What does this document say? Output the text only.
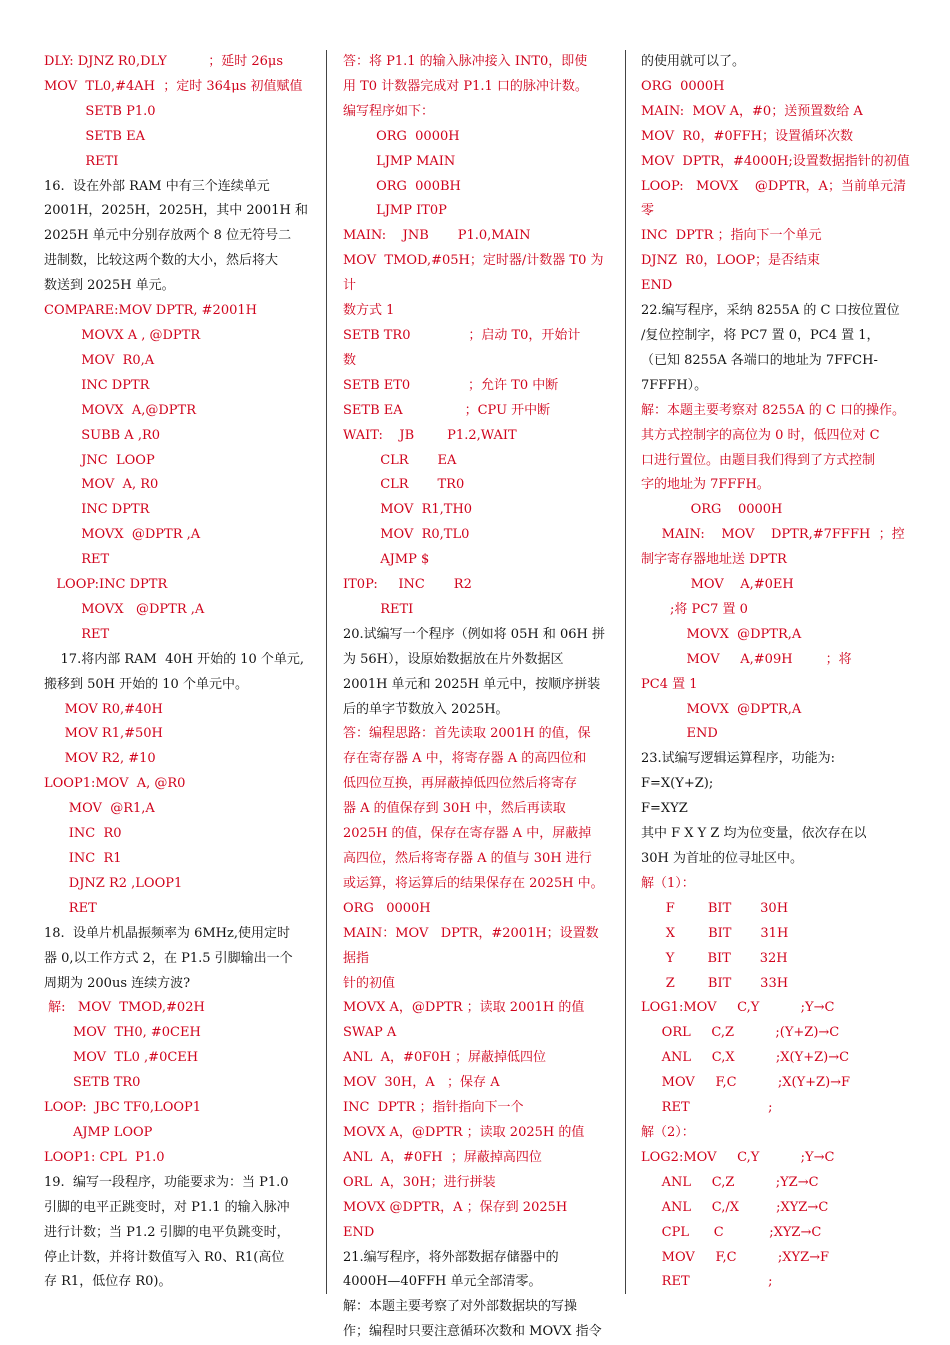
DLY: DJNZ R0,DLY          ；延时 26μs
MOV  TL0,#4AH  ；定时 364μs 初值赋值
SETB P1.0
SETB EA
RETI
16.  设在外部 RAM 中有三个连续单元
2001H，2025H，2025H，其中 2001H 和
2025H 单元中分别存放两个 8 位无符号二
进制数，比较这两个数的大小，然后将大
数送到 2025H 单元。
COMPARE:MOV DPTR, #2001H
MOVX A , @DPTR
MOV  R0,A
INC DPTR
MOVX  A,@DPTR
SUBB A ,R0
JNC  LOOP
MOV  A, R0
INC DPTR
MOVX  @DPTR ,A
RET
LOOP:INC DPTR
MOVX   @DPTR ,A
RET
17.将内部 RAM  40H 开始的 10 个单元,
搬移到 50H 开始的 10 个单元中。
MOV R0,#40H
MOV R1,#50H
MOV R2, #10
LOOP1:MOV  A, @R0
MOV  @R1,A
INC  R0
INC  R1
DJNZ R2 ,LOOP1
RET
18.  设单片机晶振频率为 6MHz,使用定时
器 0,以工作方式 2，在 P1.5 引脚输出一个
周期为 200us 连续方波?
解:   MOV  TMOD,#02H
MOV  TH0, #0CEH
MOV  TL0 ,#0CEH
SETB TR0
LOOP:  JBC TF0,LOOP1
AJMP LOOP
LOOP1: CPL  P1.0
19.  编写一段程序，功能要求为：当 P1.0
引脚的电平正跳变时，对 P1.1 的输入脉冲
进行计数；当 P1.2 引脚的电平负跳变时，
停止计数，并将计数值写入 R0、R1(高位
存 R1，低位存 R0)。
答：将 P1.1 的输入脉冲接入 INT0，即使
用 T0 计数器完成对 P1.1 口的脉冲计数。
编写程序如下：
ORG  0000H
LJMP MAIN
ORG  000BH
LJMP IT0P
MAIN:    JNB       P1.0,MAIN
MOV  TMOD,#05H；定时器/计数器 T0 为计
数方式 1
SETB TR0              ；启动 T0，开始计
数
SETB ET0              ；允许 T0 中断
SETB EA               ；CPU 开中断
WAIT:    JB        P1.2,WAIT
CLR       EA
CLR       TR0
MOV  R1,TH0
MOV  R0,TL0
AJMP $
IT0P:     INC       R2
RETI
20.试编写一个程序（例如将 05H 和 06H 拼
为 56H），设原始数据放在片外数据区
2001H 单元和 2025H 单元中，按顺序拼装
后的单字节数放入 2025H。
答：编程思路：首先读取 2001H 的值，保
存在寄存器 A 中，将寄存器 A 的高四位和
低四位互换，再屏蔽掉低四位然后将寄存
器 A 的值保存到 30H 中，然后再读取
2025H 的值，保存在寄存器 A 中，屏蔽掉
高四位，然后将寄存器 A 的值与 30H 进行
或运算，将运算后的结果保存在 2025H 中。
ORG   0000H
MAIN：MOV   DPTR，#2001H；设置数据指
针的初值
MOVX A，@DPTR ；读取 2001H 的值
SWAP A
ANL  A，#0F0H ；屏蔽掉低四位
MOV  30H，A   ；保存 A
INC  DPTR ；指针指向下一个
MOVX A，@DPTR ；读取 2025H 的值
ANL  A，#0FH  ；屏蔽掉高四位
ORL  A，30H；进行拼装
MOVX @DPTR，A ；保存到 2025H
END
21.编写程序，将外部数据存储器中的
4000H—40FFH 单元全部清零。
解：本题主要考察了对外部数据块的写操
作；编程时只要注意循环次数和 MOVX 指令
的使用就可以了。
ORG  0000H
MAIN:  MOV A，#0；送预置数给 A
MOV  R0，#0FFH；设置循环次数
MOV  DPTR，#4000H;设置数据指针的初值
LOOP:   MOVX    @DPTR，A；当前单元清
零
INC  DPTR ；指向下一个单元
DJNZ  R0，LOOP；是否结束
END
22.编写程序，采纳 8255A 的 C 口按位置位
/复位控制字，将 PC7 置 0，PC4 置 1，
（已知 8255A 各端口的地址为 7FFCH-
7FFFH）。
解：本题主要考察对 8255A 的 C 口的操作。
其方式控制字的高位为 0 时，低四位对 C
口进行置位。由题目我们得到了方式控制
字的地址为 7FFFH。
ORG    0000H
MAIN:    MOV    DPTR,#7FFFH  ；控
制字寄存器地址送 DPTR
MOV    A,#0EH
;将 PC7 置 0
MOVX  @DPTR,A
MOV     A,#09H        ；将
PC4 置 1
MOVX  @DPTR,A
END
23.试编写逻辑运算程序，功能为:
F=X(Y+Z);
F=XYZ
其中 F X Y Z 均为位变量，依次存在以
30H 为首址的位寻址区中。
解（1）：
F        BIT       30H
X        BIT       31H
Y        BIT       32H
Z        BIT       33H
LOG1:MOV     C,Y          ;Y→C
ORL     C,Z          ;(Y+Z)→C
ANL     C,X          ;X(Y+Z)→C
MOV     F,C          ;X(Y+Z)→F
RET                   ;
解（2）：
LOG2:MOV     C,Y          ;Y→C
ANL     C,Z          ;YZ→C
ANL     C,/X         ;XYZ→C
CPL      C           ;XYZ→C
MOV     F,C          ;XYZ→F
RET                   ;
